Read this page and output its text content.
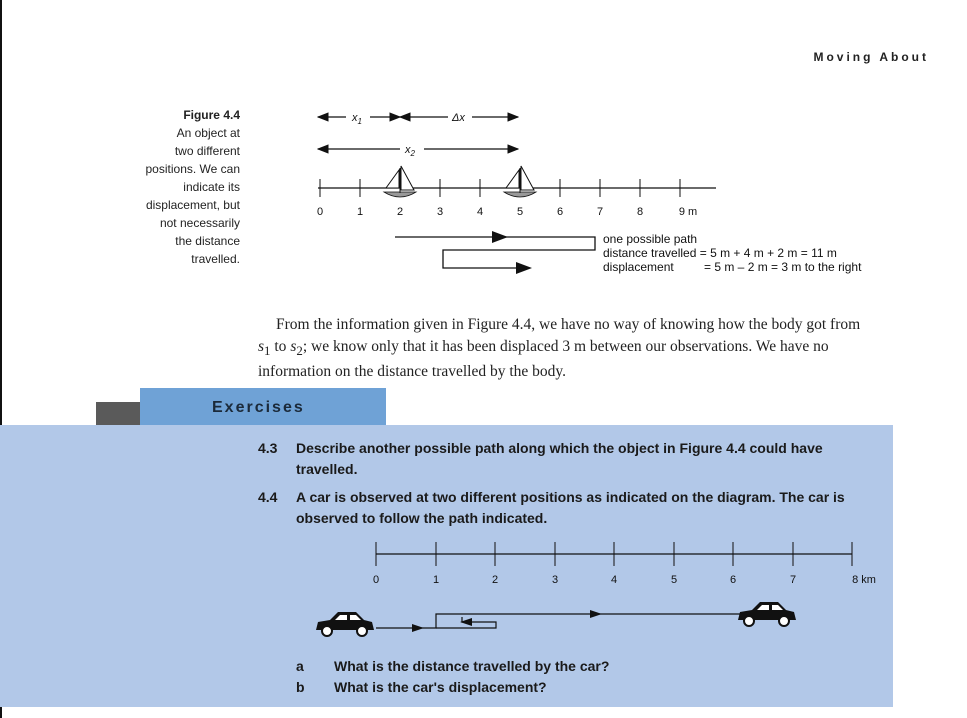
Moving About
Figure 4.4
An object at
two different
positions. We can
indicate its
displacement, but
not necessarily
the distance
travelled.
$x_1$	Δx
$x_2$
0	1	2	3	4	5	6	7	8	9 m
one possible path
distance travelled = 5 m + 4 m + 2 m = 11 m
displacement	= 5 m – 2 m = 3 m to the right
From the information given in Figure 4.4, we have no way of knowing how the body got from $s_1$ to $s_2$; we know only that it has been displaced 3 m between our observations. We have no information on the distance travelled by the body.
Exercises
4.3 Describe another possible path along which the object in Figure 4.4 could have travelled.
4.4 A car is observed at two different positions as indicated on the diagram. The car is observed to follow the path indicated.
0	1	2	3	4	5	6	7	8 km
a	What is the distance travelled by the car?
b	What is the car's displacement?
